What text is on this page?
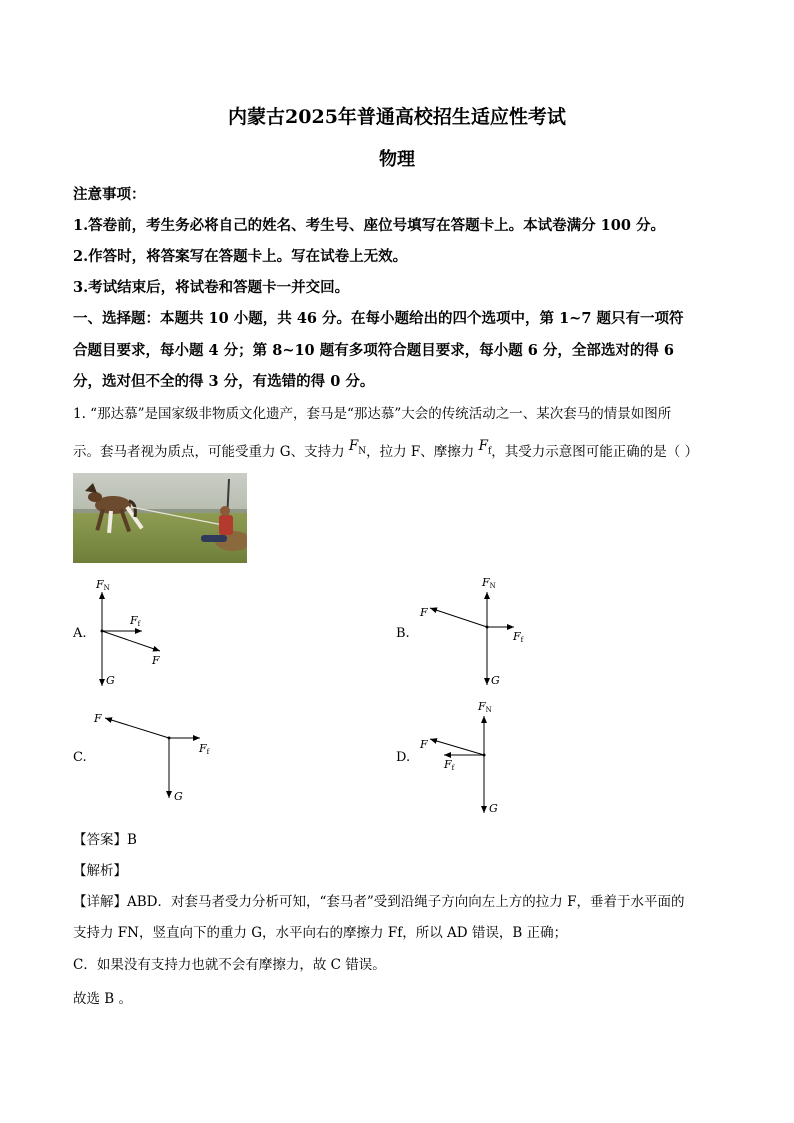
内蒙古2025年普通高校招生适应性考试
物理
注意事项：
1.答卷前，考生务必将自己的姓名、考生号、座位号填写在答题卡上。本试卷满分 100 分。
2.作答时，将答案写在答题卡上。写在试卷上无效。
3.考试结束后，将试卷和答题卡一并交回。
一、选择题：本题共 10 小题，共 46 分。在每小题给出的四个选项中，第 1~7 题只有一项符
合题目要求，每小题 4 分；第 8~10 题有多项符合题目要求，每小题 6 分，全部选对的得 6
分，选对但不全的得 3 分，有选错的得 0 分。
1. “那达慕”是国家级非物质文化遗产，套马是“那达慕”大会的传统活动之一、某次套马的情景如图所
示。套马者视为质点，可能受重力 G、支持力 $F_N$，拉力 F、摩擦力 $F_f$，其受力示意图可能正确的是（ ）
A.	B.
C.	D.
FN
Ff
F
G
FN
Ff
F
G
F
Ff
G
FN
F
Ff
G
【答案】B
【解析】
【详解】ABD．对套马者受力分析可知，“套马者”受到沿绳子方向向左上方的拉力 F，垂着于水平面的
支持力 FN，竖直向下的重力 G，水平向右的摩擦力 Ff，所以 AD 错误，B 正确；
C．如果没有支持力也就不会有摩擦力，故 C 错误。
故选 B 。
